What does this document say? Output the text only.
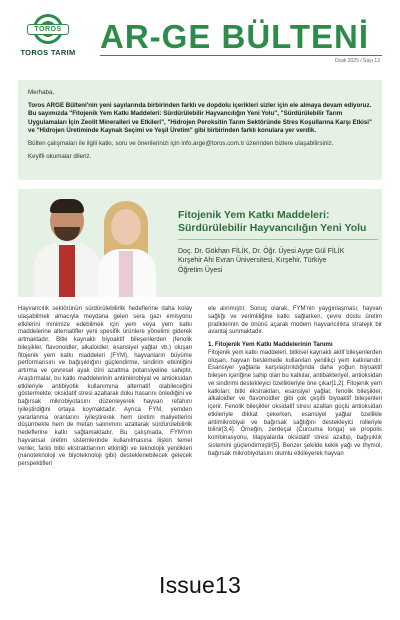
TOROS
TOROS TARIM AR-GE BÜLTENİ
Ocak 2025 / Sayı 13

Merhaba,

Toros ARGE Bülteni'nin yeni sayılarında birbirinden farklı ve dopdolu içerikleri sizler için ele almaya devam ediyoruz. Bu sayımızda "Fitojenik Yem Katkı Maddeleri: Sürdürülebilir Hayvancılığın Yeni Yolu", "Sürdürülebilir Tarım Uygulamaları İçin Zeolit Mineralleri ve Etkileri", "Hidrojen Peroksitin Tarım Sektöründe Stres Koşullarına Karşı Etkisi" ve "Hidrojen Üretiminde Kaynak Seçimi ve Yeşil Üretim" gibi birbirinden farklı konulara yer verdik.

Bülten çalışmaları ile ilgili katkı, soru ve önerilerinizi için info.arge@toros.com.tr üzerinden bizlere ulaşabilirsiniz.

Keyifli okumalar dileriz.

Fitojenik Yem Katkı Maddeleri: Sürdürülebilir Hayvancılığın Yeni Yolu
Doç. Dr. Gökhan FİLİK, Dr. Öğr. Üyesi Ayşe Gül FİLİK
Kırşehir Ahi Evran Üniversitesi, Kırşehir, Türkiye
Öğretim Üyesi

Hayvancılık sektörünün sürdürülebilirlik hedeflerine daha kolay ulaşabilmek amacıyla meydana gelen sera gazı emisyonu etkilerini minimize edebilmek için yem veya yem katkı maddelerine alternatifler yeni spesifik ürünlere yönelimi giderek artmaktadır. Bitki kaynaklı biyoaktif bileşenlerden (fenolik bileşikler, flavonoidler, alkaloidler, esansiyel yağlar vb.) oluşan fitojenik yem katkı maddeleri (FYM), hayvanların büyüme performansını ve bağışıklığını güçlendirme, sindirim etkinliğini artırma ve çevresel ayak izini azaltma potansiyeline sahiptir. Araştırmalar, bu katkı maddelerinin antimikrobiyal ve antioksidan etkileriyle antibiyotik kullanımına alternatif olabileceğini göstermekte; oksidatif stresi azaltarak doku hasarını önlediğini ve bağırsak mikrobiyotasını düzenleyerek hayvan refahını iyileştirdiğini ortaya koymaktadır. Ayrıca FYM, yemden yararlanma oranlarını iyileştirerek hem üretim maliyetlerini düşürmekte hem de metan salınımını azaltarak sürdürülebilirlik hedeflerine katkı sağlamaktadır. Bu çalışmada, FYM'nin hayvansal üretim sistemlerinde kullanılmasına ilişkin temel veriler, farklı bitki ekstraktlarının etkinliği ve teknolojik yenilikleri (nanoteknoloji ve biyoteknoloji gibi) desteklenebilecek gelecek perspektifleri

ele alınmıştır. Sonuç olarak, FYM'nin yaygınlaşması; hayvan sağlığı ve verimliliğine katkı sağlarken, çevre dostu üretim pratiklerinin de önünü açarak modern hayvancılıkta stratejik bir avantaj sunmaktadır.

1. Fitojenik Yem Katkı Maddelerinin Tanımı

Fitojenik yem katkı maddeleri, bitkisel kaynaklı aktif bileşenlerden oluşan, hayvan beslemede kullanılan yenilikçi yem katkılarıdır. Esansiyel yağlarla karşılaştırıldığında daha yoğun biyoaktif bileşen içeriğine sahip olan bu katkılar, antibakteriyel, antioksidan ve sindirimi destekleyici özellikleriyle öne çıkar[1,2]. Fitojenik yem katkıları; bitki ekstraktları, esansiyel yağlar, fenolik bileşikler, alkaloidler ve flavonoidler gibi çok çeşitli biyoaktif bileşenleri içerir. Fenolik bileşikler oksidatif stresi azaltan güçlü antioksidan etkileriyle dikkat çekerken, esansiyel yağlar özellikle antimikrobiyal ve bağırsak sağlığını destekleyici rolleriyle bilinir[3,4]. Örneğin, zerdeçal (Curcuma longa) ve propolis kombinasyonu, tilapyalarda oksidatif stresi azaltıp, bağışıklık sistemini güçlendirmiştir[5]. Benzer şekilde kekik yağı ve thymol, bağırsak mikrobiyotasını olumlu etkileyerek hayvan

Issue13
